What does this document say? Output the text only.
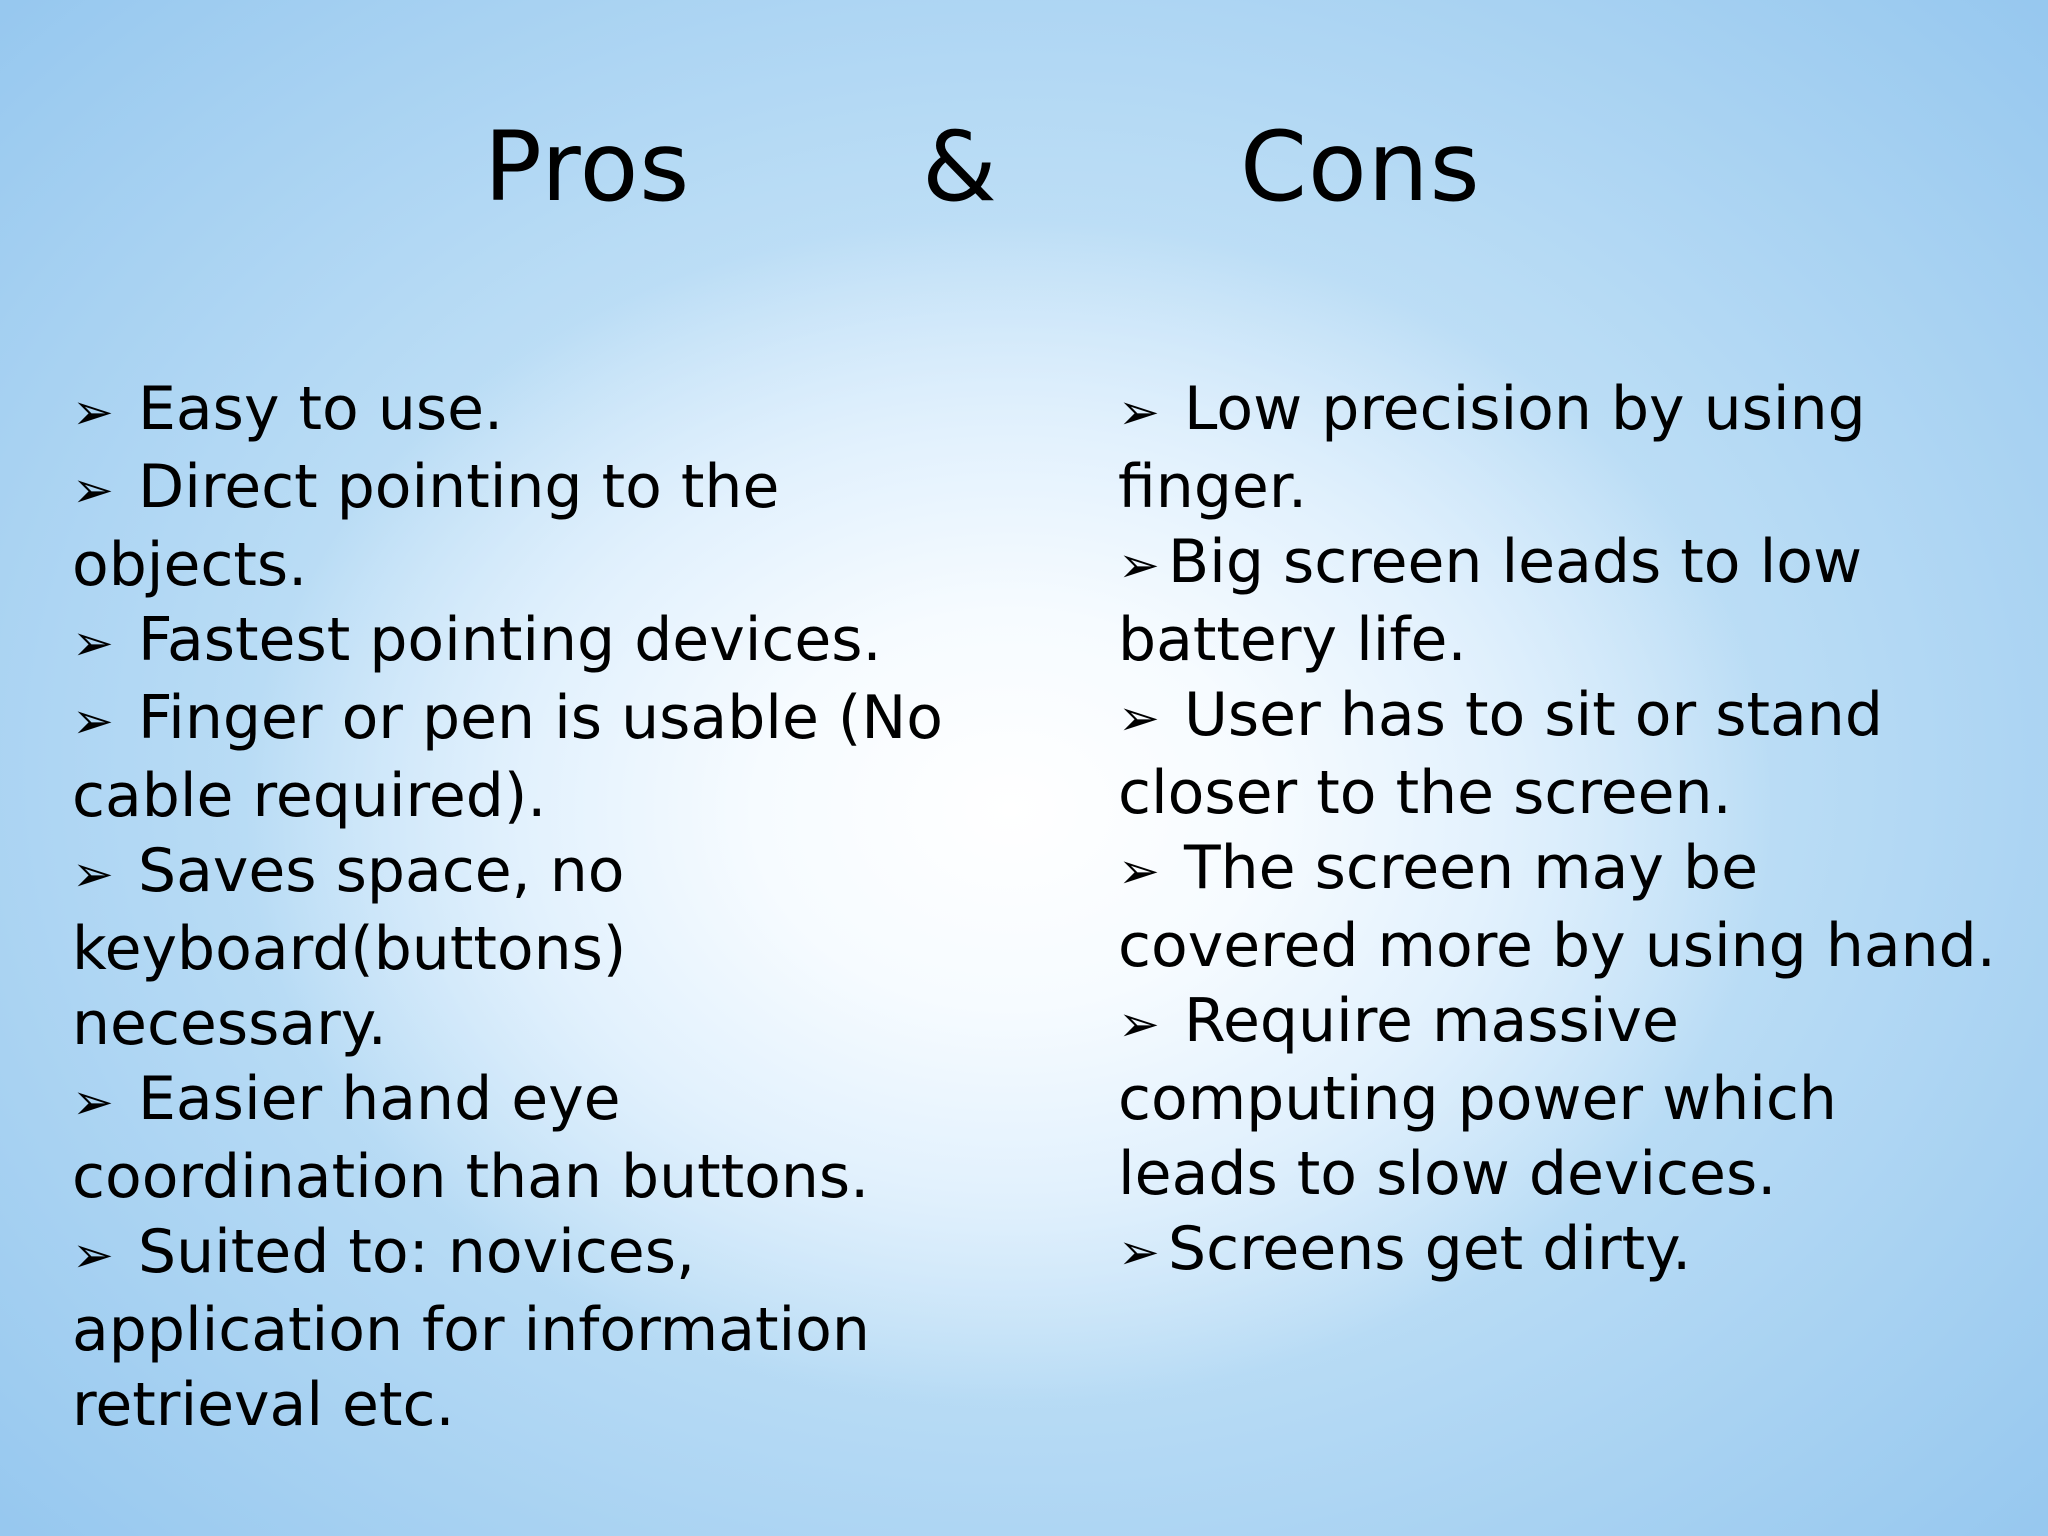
Pros &	Cons
➢ Easy to use.
➢ Direct pointing to the
objects.
➢ Fastest pointing devices.
➢ Finger or pen is usable (No
cable required).
➢ Saves space, no
keyboard(buttons) necessary.
➢ Easier hand eye
coordination than buttons.
➢ Suited to: novices,
application for information
retrieval etc.
➢ Low precision by using
finger.
➢ Big screen leads to low
battery life.
➢ User has to sit or stand
closer to the screen.
➢ The screen may be
covered more by using hand.
➢ Require massive
computing power which
leads to slow devices.
➢ Screens get dirty.
